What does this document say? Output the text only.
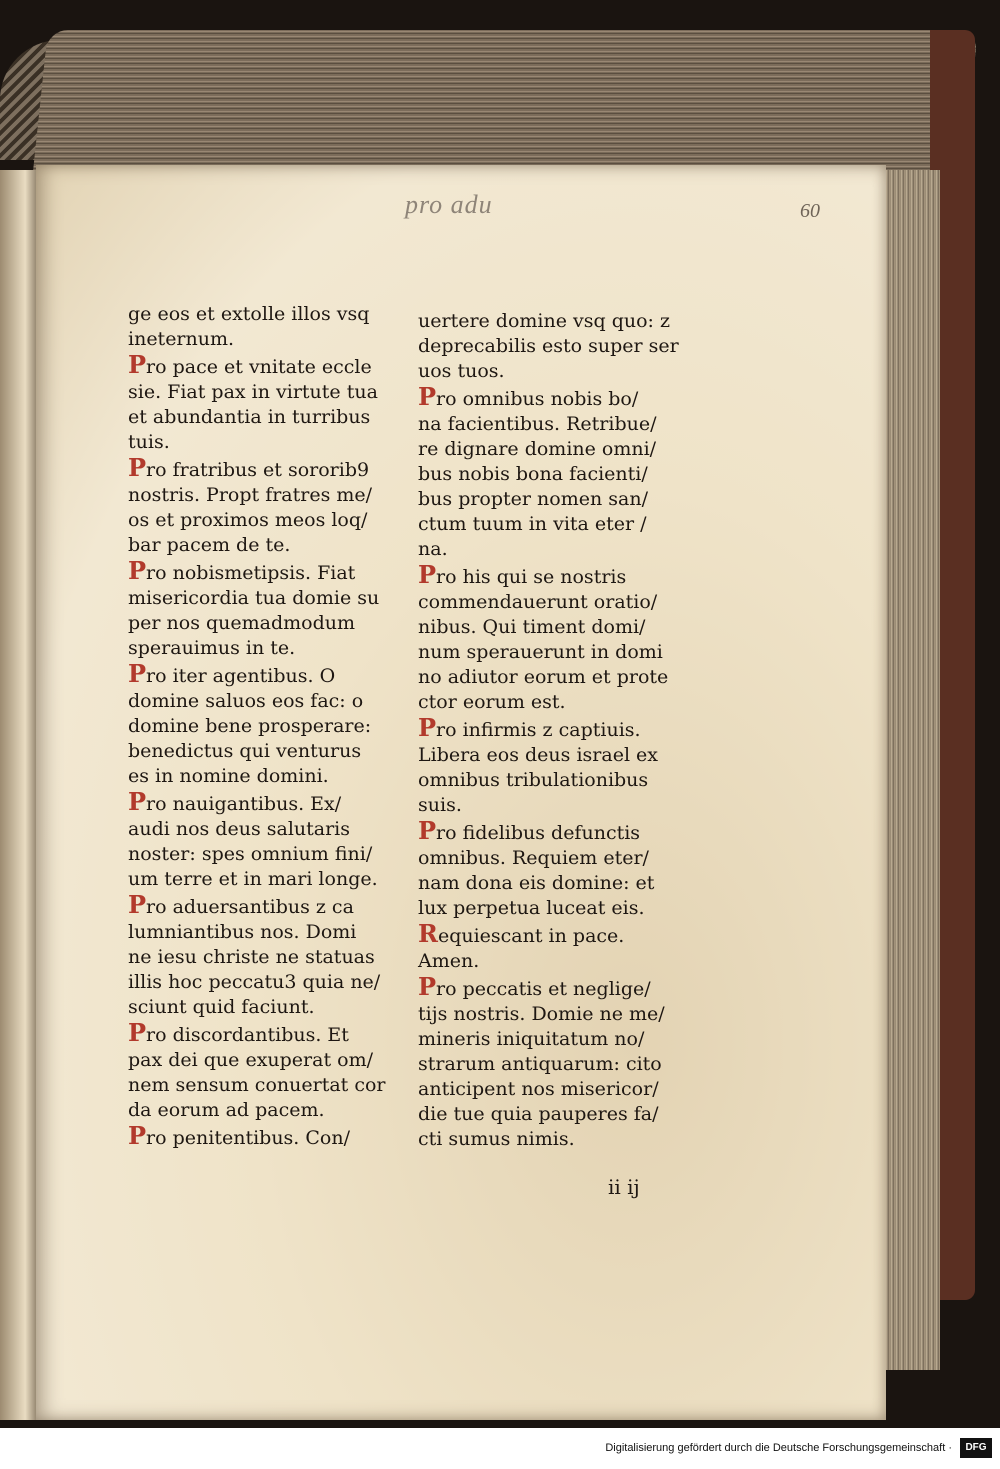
pro adu	60
ge eos et extolle illos vsq
ineternum.
Pro pace et vnitate eccle
sie. Fiat pax in virtute tua
et abundantia in turribus
tuis.
Pro fratribus et sororib9
nostris. Propt fratres me/
os et proximos meos loq/
bar pacem de te.
Pro nobismetipsis. Fiat
misericordia tua domie su
per nos quemadmodum
sperauimus in te.
Pro iter agentibus. O
domine saluos eos fac: o
domine bene prosperare:
benedictus qui venturus
es in nomine domini.
Pro nauigantibus. Ex/
audi nos deus salutaris
noster: spes omnium fini/
um terre et in mari longe.
Pro aduersantibus z ca
lumniantibus nos. Domi
ne iesu christe ne statuas
illis hoc peccatu3 quia ne/
sciunt quid faciunt.
Pro discordantibus. Et
pax dei que exuperat om/
nem sensum conuertat cor
da eorum ad pacem.
Pro penitentibus. Con/
uertere domine vsq quo: z
deprecabilis esto super ser
uos tuos.
Pro omnibus nobis bo/
na facientibus. Retribue/
re dignare domine omni/
bus nobis bona facienti/
bus propter nomen san/
ctum tuum in vita eter /
na.
Pro his qui se nostris
commendauerunt oratio/
nibus. Qui timent domi/
num sperauerunt in domi
no adiutor eorum et prote
ctor eorum est.
Pro infirmis z captiuis.
Libera eos deus israel ex
omnibus tribulationibus
suis.
Pro fidelibus defunctis
omnibus. Requiem eter/
nam dona eis domine: et
lux perpetua luceat eis.
Requiescant in pace.
Amen.
Pro peccatis et neglige/
tijs nostris. Domie ne me/
mineris iniquitatum no/
strarum antiquarum: cito
anticipent nos misericor/
die tue quia pauperes fa/
cti sumus nimis.
ii ij
Digitalisierung gefördert durch die Deutsche Forschungsgemeinschaft ·	DFG
